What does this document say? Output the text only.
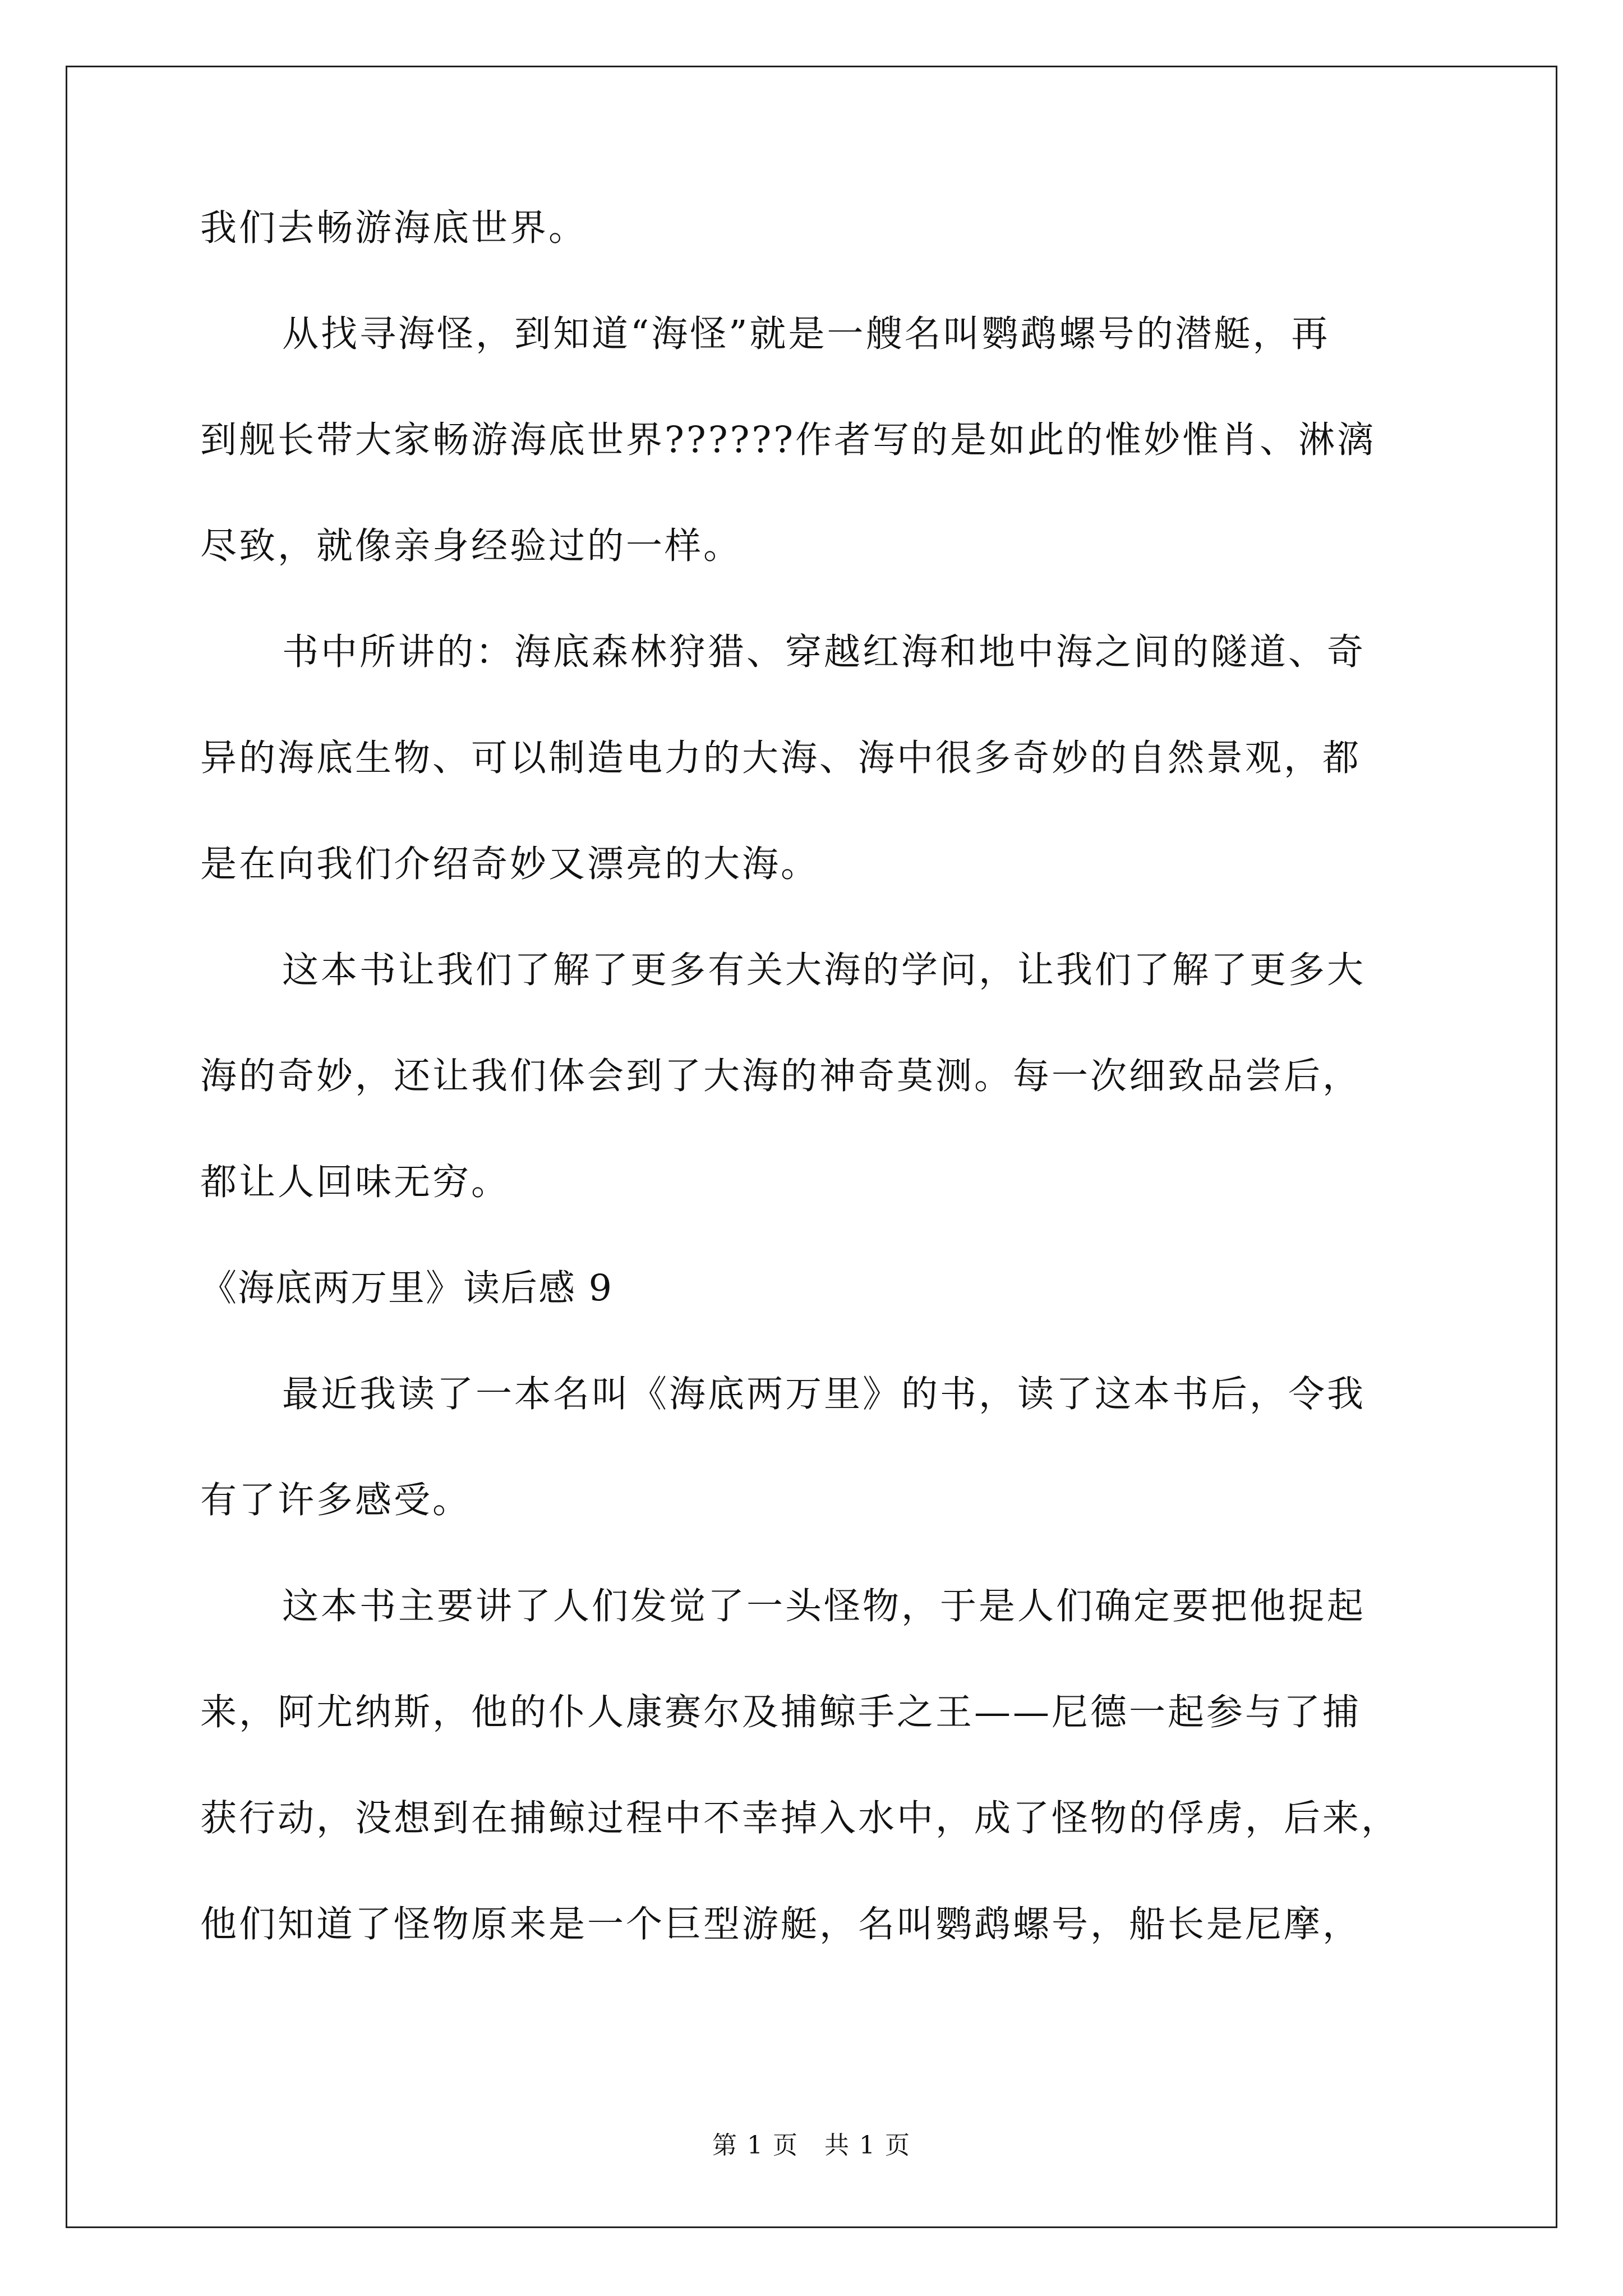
我们去畅游海底世界。
从找寻海怪，到知道“海怪”就是一艘名叫鹦鹉螺号的潜艇，再
到舰长带大家畅游海底世界??????作者写的是如此的惟妙惟肖、淋漓
尽致，就像亲身经验过的一样。
书中所讲的：海底森林狩猎、穿越红海和地中海之间的隧道、奇
异的海底生物、可以制造电力的大海、海中很多奇妙的自然景观，都
是在向我们介绍奇妙又漂亮的大海。
这本书让我们了解了更多有关大海的学问，让我们了解了更多大
海的奇妙，还让我们体会到了大海的神奇莫测。每一次细致品尝后，
都让人回味无穷。
《海底两万里》读后感 9
最近我读了一本名叫《海底两万里》的书，读了这本书后，令我
有了许多感受。
这本书主要讲了人们发觉了一头怪物，于是人们确定要把他捉起
来，阿尤纳斯，他的仆人康赛尔及捕鲸手之王——尼德一起参与了捕
获行动，没想到在捕鲸过程中不幸掉入水中，成了怪物的俘虏，后来，
他们知道了怪物原来是一个巨型游艇，名叫鹦鹉螺号，船长是尼摩，
第 1 页 共 1 页
